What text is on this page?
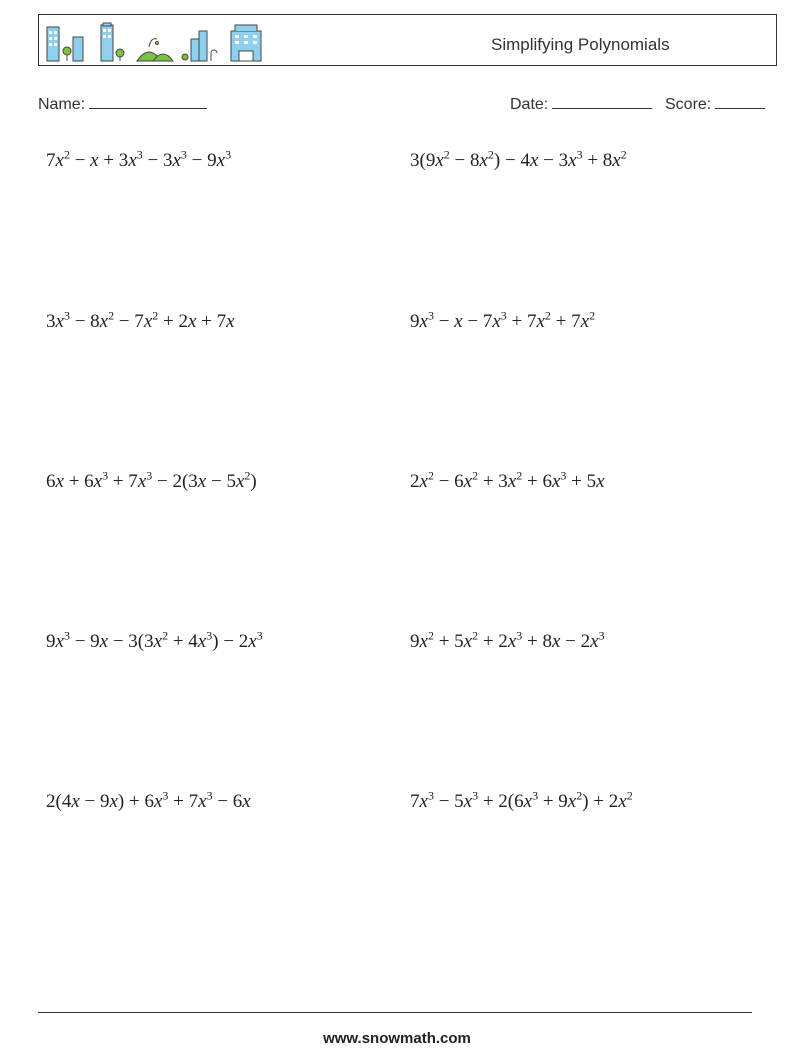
Simplifying Polynomials
Name:	Date:	Score:
$7x^2 - x + 3x^3 - 3x^3 - 9x^3$	$3(9x^2 - 8x^2) - 4x - 3x^3 + 8x^2$
$3x^3 - 8x^2 - 7x^2 + 2x + 7x$	$9x^3 - x - 7x^3 + 7x^2 + 7x^2$
$6x + 6x^3 + 7x^3 - 2(3x - 5x^2)$	$2x^2 - 6x^2 + 3x^2 + 6x^3 + 5x$
$9x^3 - 9x - 3(3x^2 + 4x^3) - 2x^3$	$9x^2 + 5x^2 + 2x^3 + 8x - 2x^3$
$2(4x - 9x) + 6x^3 + 7x^3 - 6x$	$7x^3 - 5x^3 + 2(6x^3 + 9x^2) + 2x^2$
www.snowmath.com
